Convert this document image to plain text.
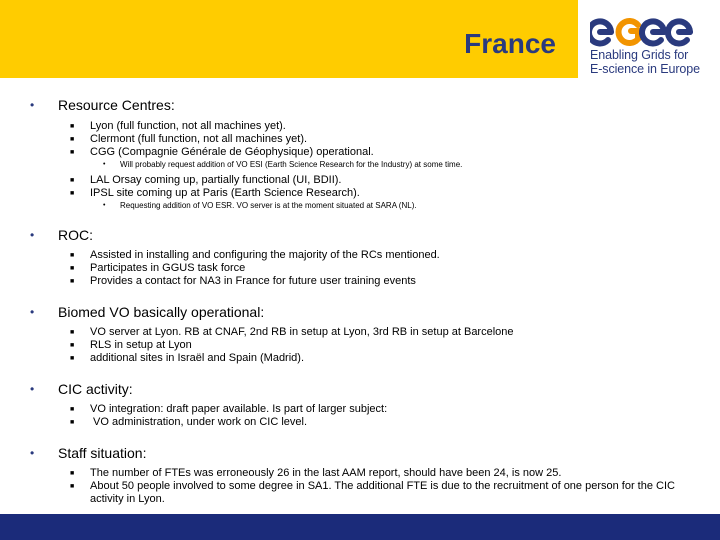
France	Enabling Grids for
E-science in Europe
• Resource Centres:
■ Lyon (full function, not all machines yet).
■ Clermont (full function, not all machines yet).
■ CGG (Compagnie Générale de Géophysique) operational.
• Will probably request addition of VO ESI (Earth Science Research for the Industry) at some time.
■ LAL Orsay coming up, partially functional (UI, BDII).
■ IPSL site coming up at Paris (Earth Science Research).
• Requesting addition of VO ESR. VO server is at the moment situated at SARA (NL).
• ROC:
■ Assisted in installing and configuring the majority of the RCs mentioned.
■ Participates in GGUS task force
■ Provides a contact for NA3 in France for future user training events
• Biomed VO basically operational:
■ VO server at Lyon. RB at CNAF, 2nd RB in setup at Lyon, 3rd RB in setup at Barcelone
■ RLS in setup at Lyon
■ additional sites in Israël and Spain (Madrid).
• CIC activity:
■ VO integration: draft paper available. Is part of larger subject:
■ VO administration, under work on CIC level.
• Staff situation:
■ The number of FTEs was erroneously 26 in the last AAM report, should have been 24, is now 25.
■ About 50 people involved to some degree in SA1. The additional FTE is due to the recruitment of one person for the CIC activity in Lyon.
